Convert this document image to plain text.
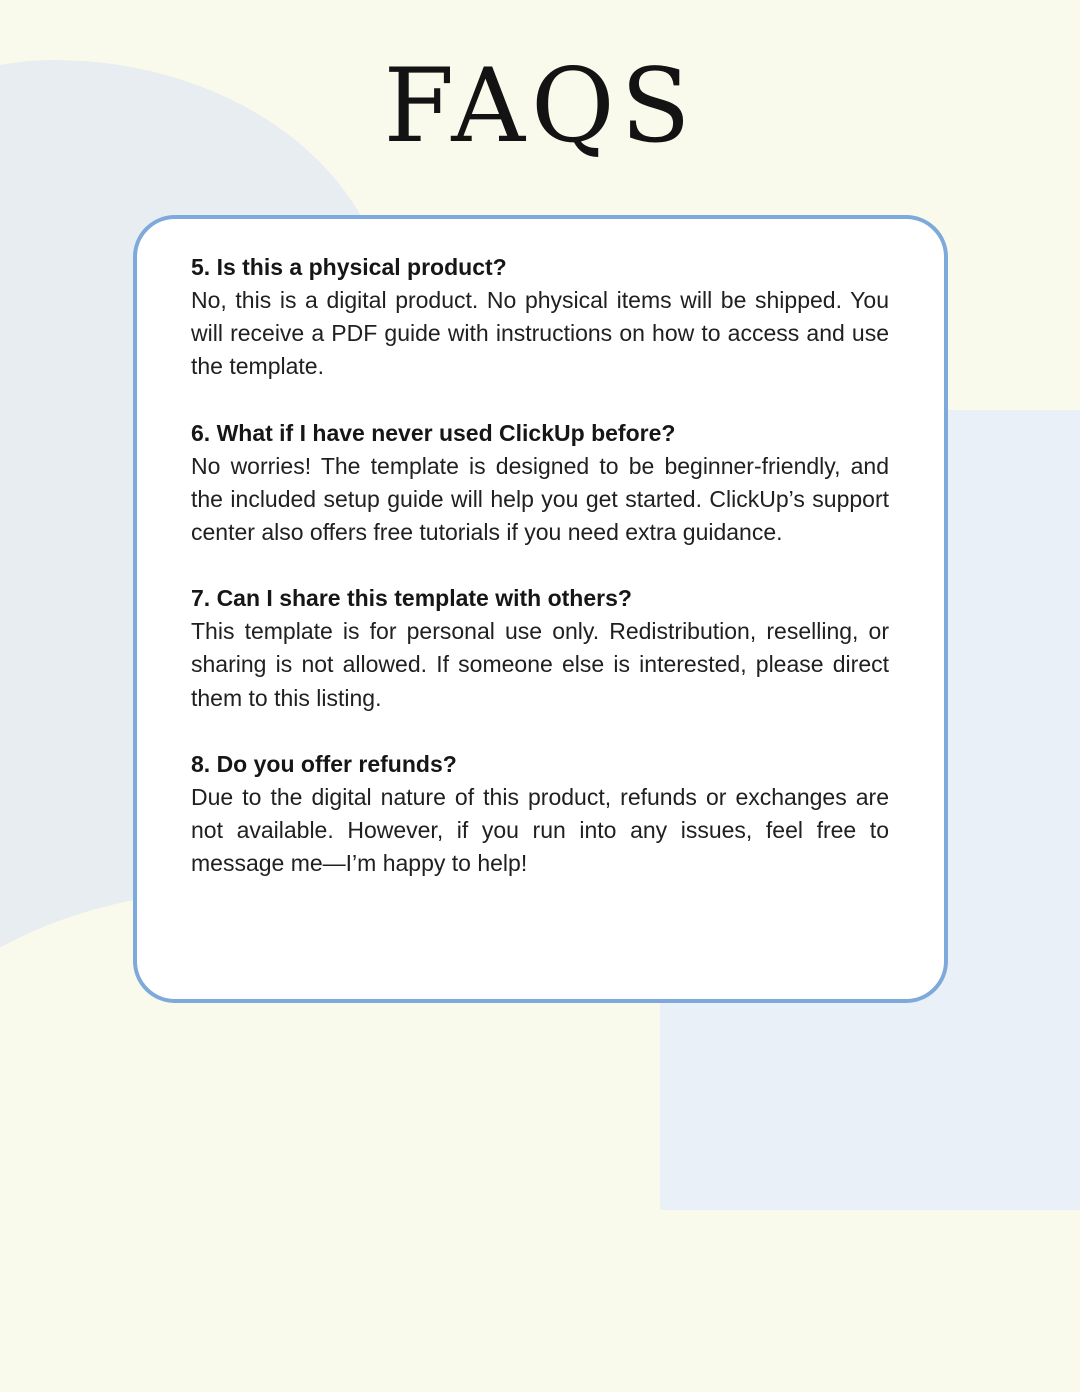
FAQS
5. Is this a physical product?

No, this is a digital product. No physical items will be shipped. You will receive a PDF guide with instructions on how to access and use the template.

6. What if I have never used ClickUp before?

No worries! The template is designed to be beginner-friendly, and the included setup guide will help you get started. ClickUp’s support center also offers free tutorials if you need extra guidance.

7. Can I share this template with others?

This template is for personal use only. Redistribution, reselling, or sharing is not allowed. If someone else is interested, please direct them to this listing.

8. Do you offer refunds?

Due to the digital nature of this product, refunds or exchanges are not available. However, if you run into any issues, feel free to message me—I’m happy to help!
